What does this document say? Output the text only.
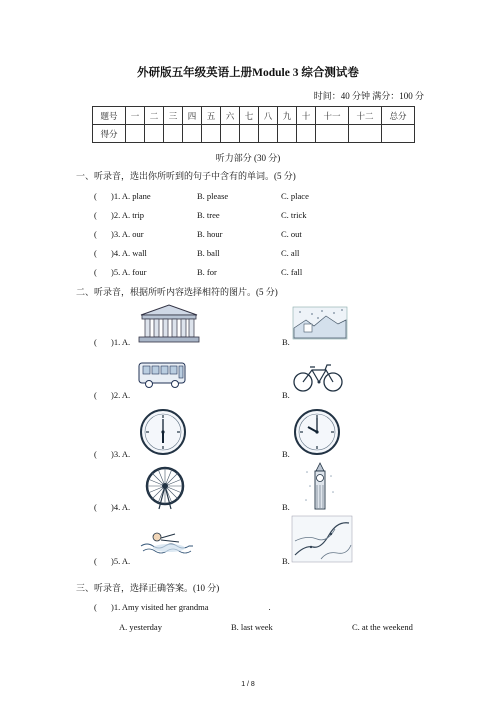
外研版五年级英语上册Module 3 综合测试卷
时间：40 分钟 满分：100 分
题号	一	二	三	四	五	六	七	八	九	十	十一	十二	总分
得分													
听力部分 (30 分)
一、听录音，选出你所听到的句子中含有的单词。(5 分)
( )1. A. plane	B. please	C. place
( )2. A. trip	B. tree	C. trick
( )3. A. our	B. hour	C. out
( )4. A. wall	B. ball	C. all
( )5. A. four	B. for	C. fall
二、听录音，根据所听内容选择相符的图片。(5 分)
( )1. A.	B.
( )2. A.	B.
( )3. A.	B.
( )4. A.	B.
( )5. A.	B.
三、听录音，选择正确答案。(10 分)
( )1. Amy visited her grandma	.
A. yesterday	B. last week	C. at the weekend
1 / 8
